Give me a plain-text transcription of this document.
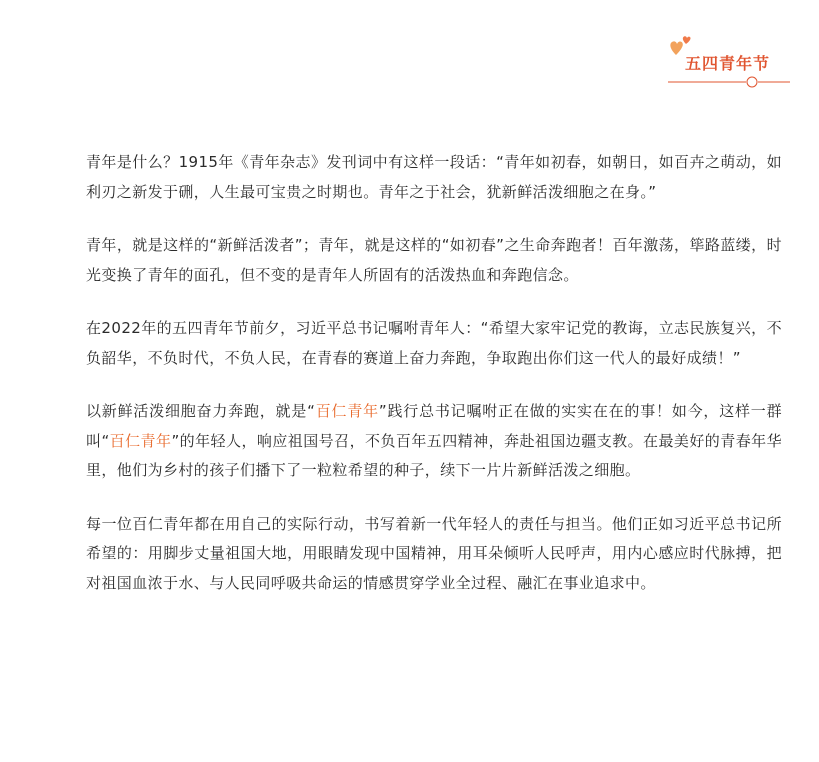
五四青年节

青年是什么？1915年《青年杂志》发刊词中有这样一段话：“青年如初春，如朝日，如百卉之萌动，如利刃之新发于硎，人生最可宝贵之时期也。青年之于社会，犹新鲜活泼细胞之在身。”

青年，就是这样的“新鲜活泼者”；青年，就是这样的“如初春”之生命奔跑者！百年激荡，筚路蓝缕，时光变换了青年的面孔，但不变的是青年人所固有的活泼热血和奔跑信念。

在2022年的五四青年节前夕，习近平总书记嘱咐青年人：“希望大家牢记党的教诲，立志民族复兴，不负韶华，不负时代，不负人民，在青春的赛道上奋力奔跑，争取跑出你们这一代人的最好成绩！”

以新鲜活泼细胞奋力奔跑，就是“百仁青年”践行总书记嘱咐正在做的实实在在的事！如今，这样一群叫“百仁青年”的年轻人，响应祖国号召，不负百年五四精神，奔赴祖国边疆支教。在最美好的青春年华里，他们为乡村的孩子们播下了一粒粒希望的种子，续下一片片新鲜活泼之细胞。

每一位百仁青年都在用自己的实际行动，书写着新一代年轻人的责任与担当。他们正如习近平总书记所希望的：用脚步丈量祖国大地，用眼睛发现中国精神，用耳朵倾听人民呼声，用内心感应时代脉搏，把对祖国血浓于水、与人民同呼吸共命运的情感贯穿学业全过程、融汇在事业追求中。
